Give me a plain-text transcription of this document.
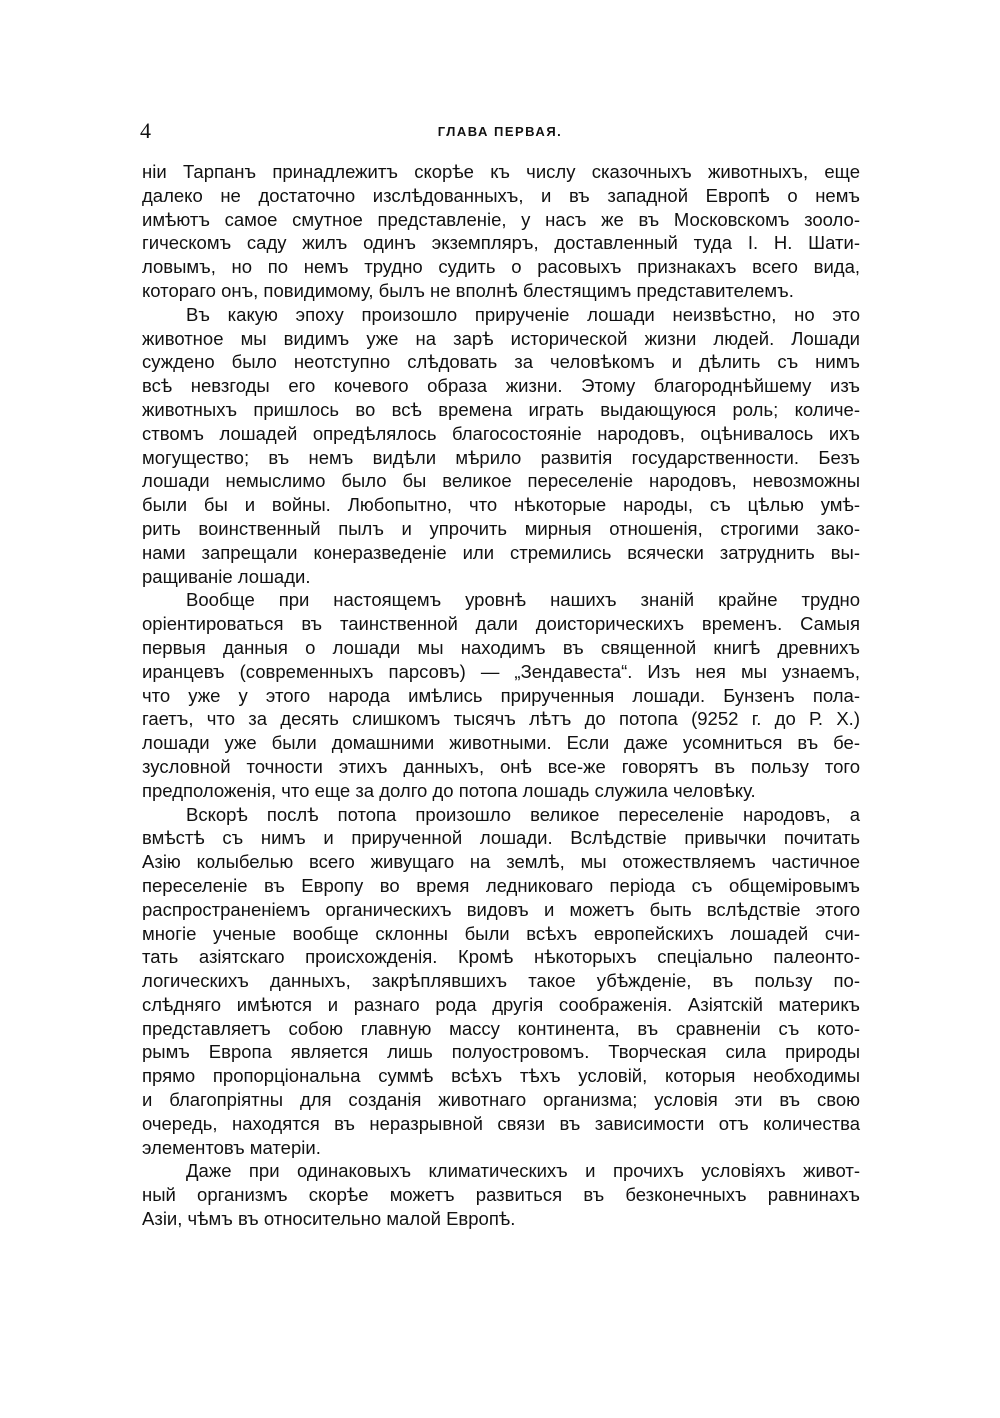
4	ГЛАВА ПЕРВАЯ.
нiи Тарпанъ принадлежитъ скорѣе къ числу сказочныхъ животныхъ, еще
далеко не достаточно изслѣдованныхъ, и въ западной Европѣ о немъ
имѣютъ самое смутное представленiе, у насъ же въ Московскомъ зооло-
гическомъ саду жилъ одинъ экземпляръ, доставленный туда I. Н. Шати-
ловымъ, но по немъ трудно судить о расовыхъ признакахъ всего вида,
котораго онъ, повидимому, былъ не вполнѣ блестящимъ представителемъ.
Въ какую эпоху произошло прирученiе лошади неизвѣстно, но это
животное мы видимъ уже на зарѣ исторической жизни людей. Лошади
суждено было неотступно слѣдовать за человѣкомъ и дѣлить съ нимъ
всѣ невзгоды его кочевого образа жизни. Этому благороднѣйшему изъ
животныхъ пришлось во всѣ времена играть выдающуюся роль; количе-
ствомъ лошадей опредѣлялось благосостоянiе народовъ, оцѣнивалось ихъ
могущество; въ немъ видѣли мѣрило развитiя государственности. Безъ
лошади немыслимо было бы великое переселенiе народовъ, невозможны
были бы и войны. Любопытно, что нѣкоторые народы, съ цѣлью умѣ-
рить воинственный пылъ и упрочить мирныя отношенiя, строгими зако-
нами запрещали конеразведенiе или стремились всячески затруднить вы-
ращиванiе лошади.
Вообще при настоящемъ уровнѣ нашихъ знанiй крайне трудно
орiентироваться въ таинственной дали доисторическихъ временъ. Самыя
первыя данныя о лошади мы находимъ въ священной книгѣ древнихъ
иранцевъ (современныхъ парсовъ) — „Зендавеста“. Изъ нея мы узнаемъ,
что уже у этого народа имѣлись прирученныя лошади. Бунзенъ пола-
гаетъ, что за десять слишкомъ тысячъ лѣтъ до потопа (9252 г. до Р. Х.)
лошади уже были домашними животными. Если даже усомниться въ бе-
зусловной точности этихъ данныхъ, онѣ все-же говорятъ въ пользу того
предположенiя, что еще за долго до потопа лошадь служила человѣку.
Вскорѣ послѣ потопа произошло великое переселенiе народовъ, а
вмѣстѣ съ нимъ и прирученной лошади. Вслѣдствiе привычки почитать
Азiю колыбелью всего живущаго на землѣ, мы отожествляемъ частичное
переселенiе въ Европу во время ледниковаго перiода съ общемiровымъ
распространенiемъ органическихъ видовъ и можетъ быть вслѣдствiе этого
многiе ученые вообще склонны были всѣхъ европейскихъ лошадей счи-
тать азiятскаго происхожденiя. Кромѣ нѣкоторыхъ спецiально палеонто-
логическихъ данныхъ, закрѣплявшихъ такое убѣжденiе, въ пользу по-
слѣдняго имѣются и разнаго рода другiя соображенiя. Азiятскiй материкъ
представляетъ собою главную массу континента, въ сравненiи съ кото-
рымъ Европа является лишь полуостровомъ. Творческая сила природы
прямо пропорцiональна суммѣ всѣхъ тѣхъ условiй, которыя необходимы
и благопрiятны для созданiя животнаго организма; условiя эти въ свою
очередь, находятся въ неразрывной связи въ зависимости отъ количества
элементовъ матерiи.
Даже при одинаковыхъ климатическихъ и прочихъ условiяхъ живот-
ный организмъ скорѣе можетъ развиться въ безконечныхъ равнинахъ
Азiи, чѣмъ въ относительно малой Европѣ.
